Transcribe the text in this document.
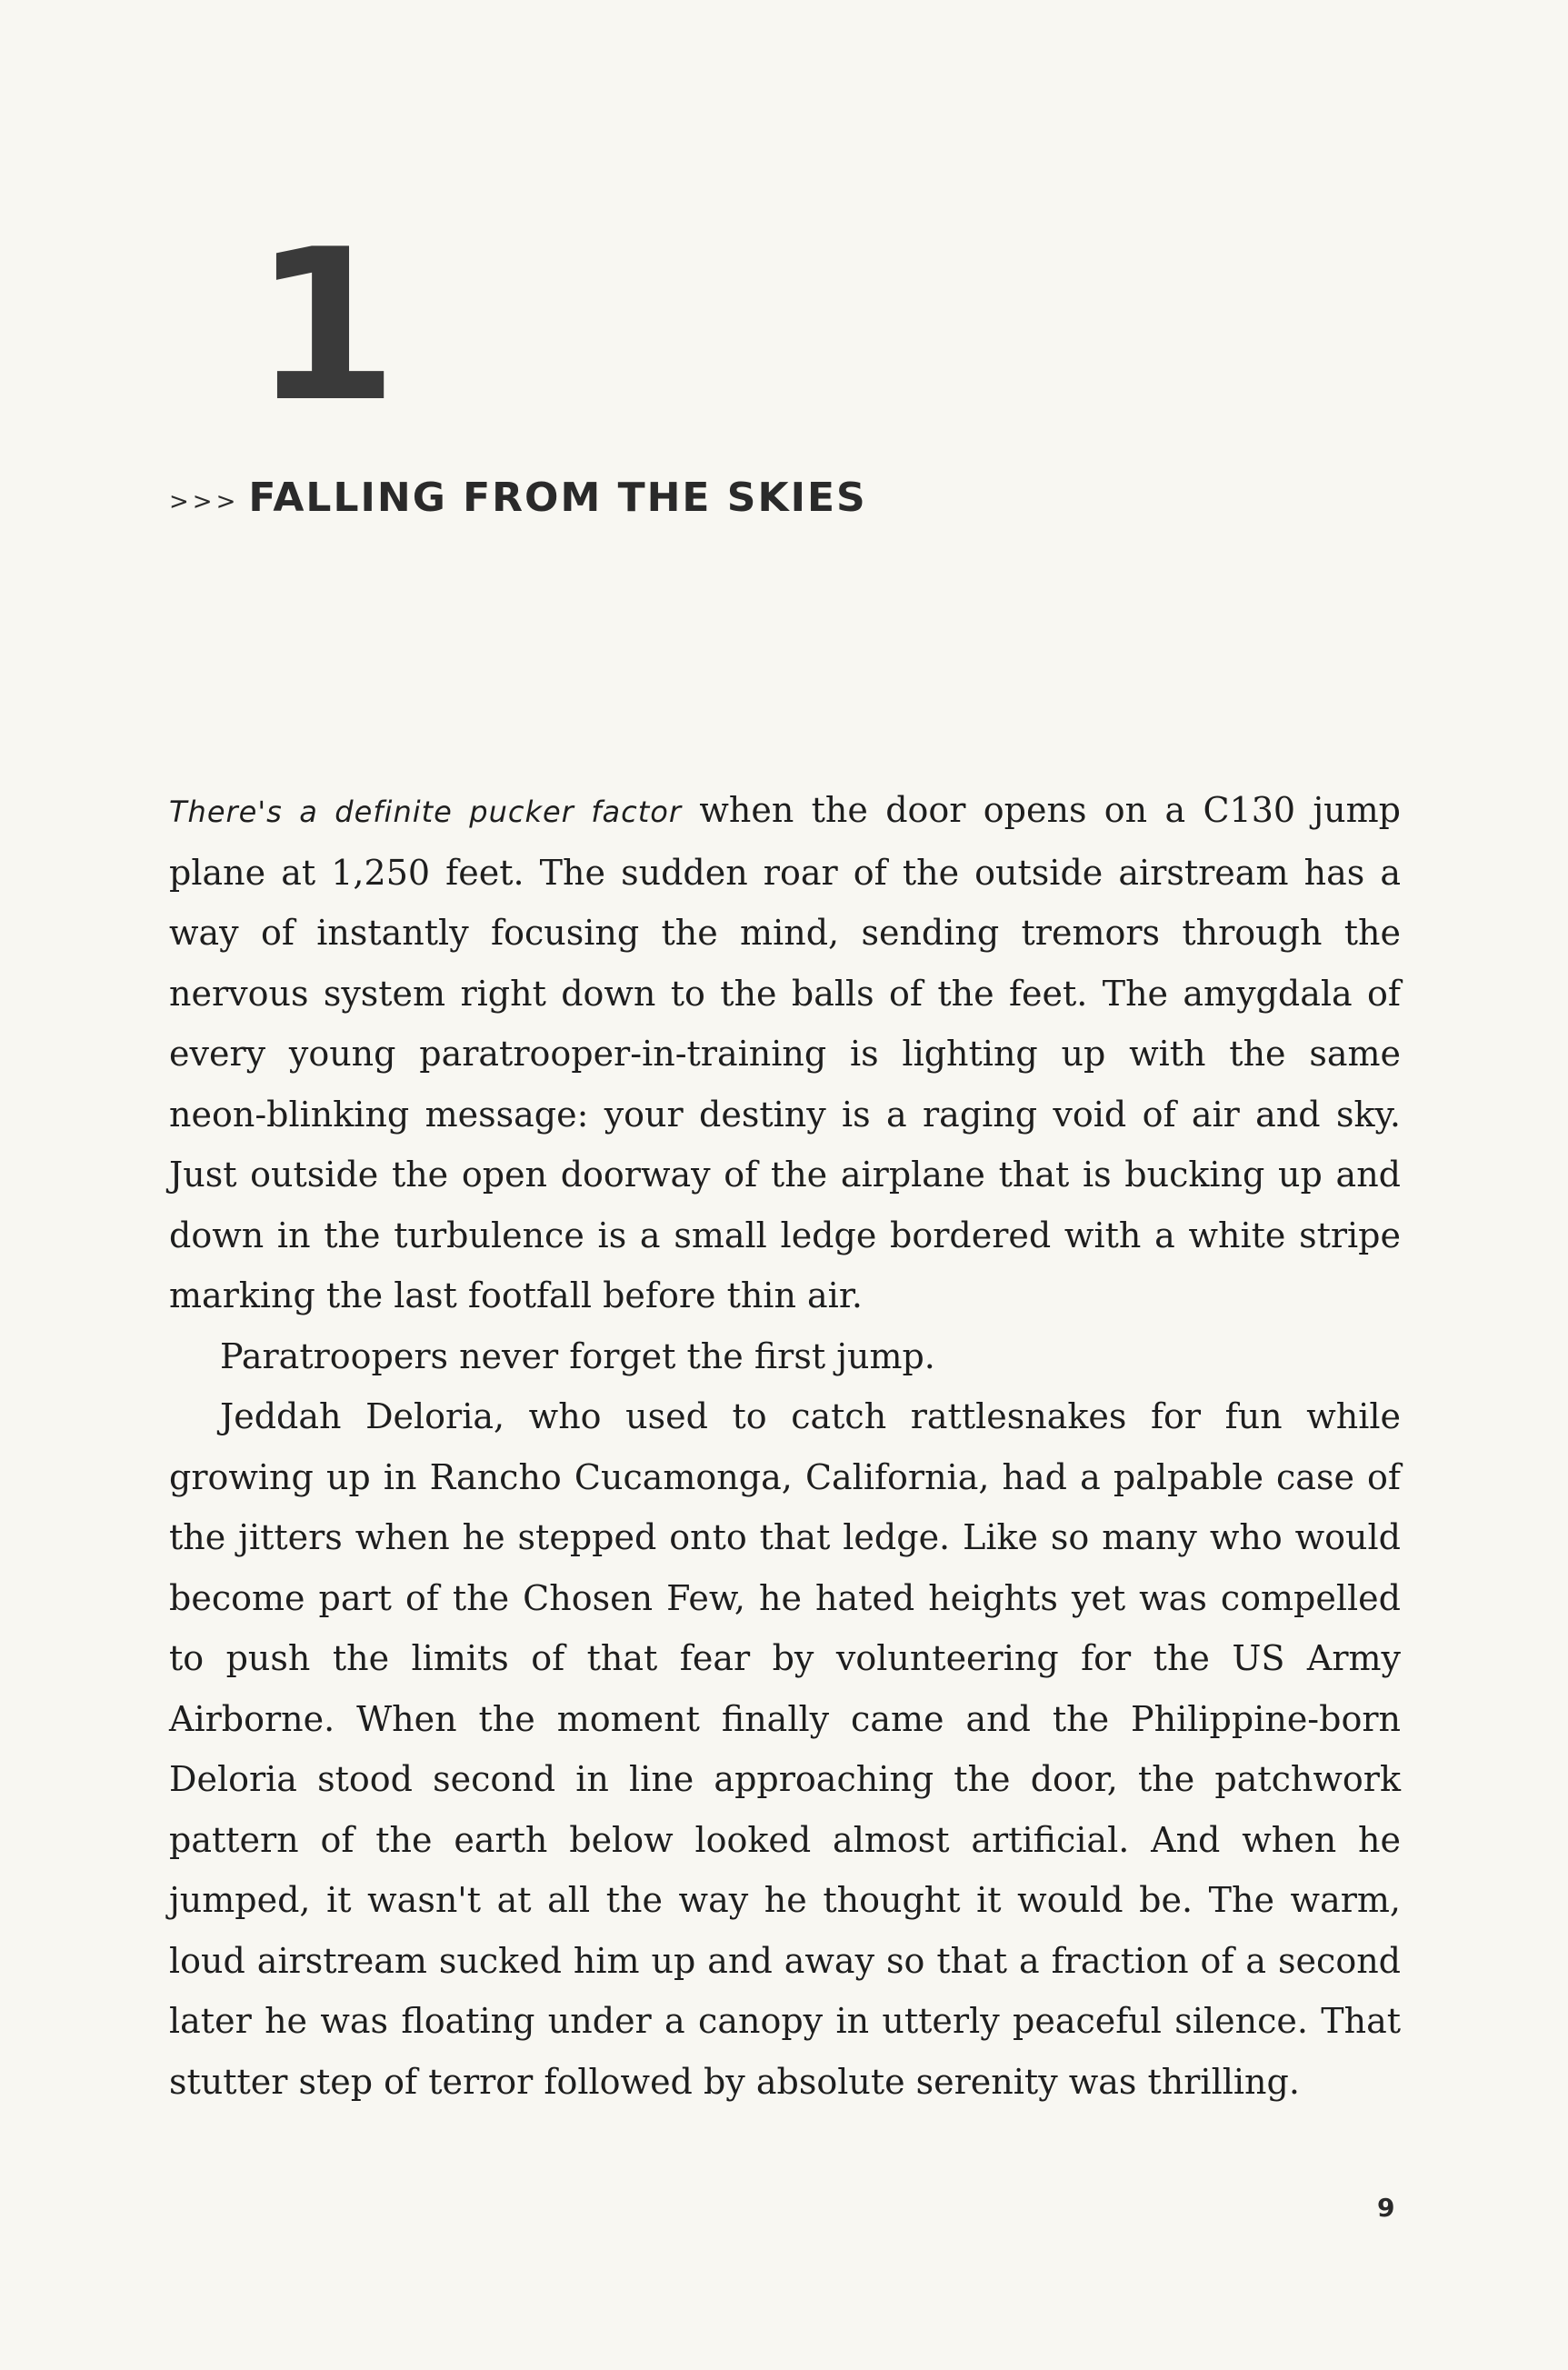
1
>>> FALLING FROM THE SKIES

There's a definite pucker factor when the door opens on a C130 jump plane at 1,250 feet. The sudden roar of the outside airstream has a way of instantly focusing the mind, sending tremors through the nervous system right down to the balls of the feet. The amygdala of every young paratrooper-in-training is lighting up with the same neon-blinking message: your destiny is a raging void of air and sky. Just outside the open doorway of the airplane that is bucking up and down in the turbulence is a small ledge bordered with a white stripe marking the last footfall before thin air.

Paratroopers never forget the first jump.

Jeddah Deloria, who used to catch rattlesnakes for fun while growing up in Rancho Cucamonga, California, had a palpable case of the jitters when he stepped onto that ledge. Like so many who would become part of the Chosen Few, he hated heights yet was compelled to push the limits of that fear by volunteering for the US Army Airborne. When the moment finally came and the Philippine-born Deloria stood second in line approaching the door, the patchwork pattern of the earth below looked almost artificial. And when he jumped, it wasn't at all the way he thought it would be. The warm, loud airstream sucked him up and away so that a fraction of a second later he was floating under a canopy in utterly peaceful silence. That stutter step of terror followed by absolute serenity was thrilling.

9
